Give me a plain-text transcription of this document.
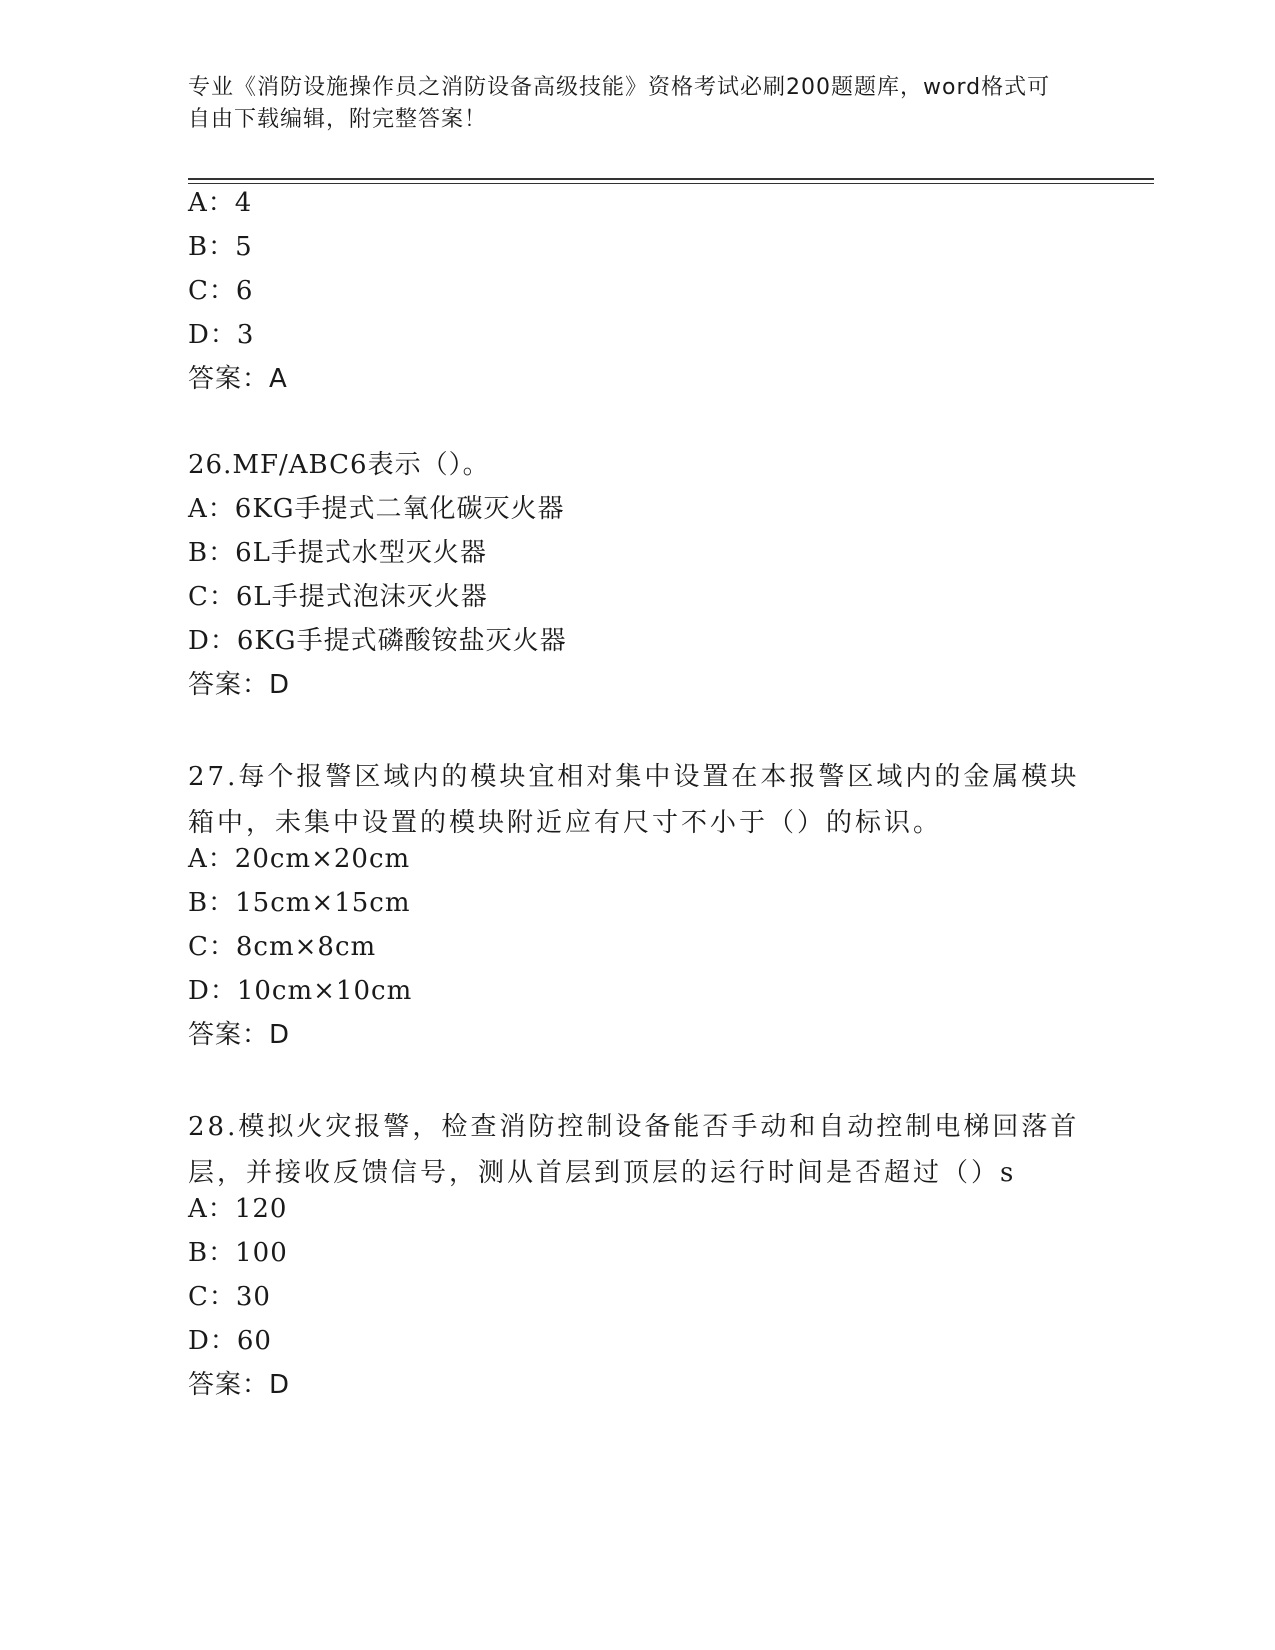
专业《消防设施操作员之消防设备高级技能》资格考试必刷200题题库，word格式可自由下载编辑，附完整答案！
A：4
B：5
C：6
D：3
答案：A
26.MF/ABC6表示（）。
A：6KG手提式二氧化碳灭火器
B：6L手提式水型灭火器
C：6L手提式泡沫灭火器
D：6KG手提式磷酸铵盐灭火器
答案：D
27.每个报警区域内的模块宜相对集中设置在本报警区域内的金属模块箱中，未集中设置的模块附近应有尺寸不小于（）的标识。
A：20cm×20cm
B：15cm×15cm
C：8cm×8cm
D：10cm×10cm
答案：D
28.模拟火灾报警，检查消防控制设备能否手动和自动控制电梯回落首层，并接收反馈信号，测从首层到顶层的运行时间是否超过（）s
A：120
B：100
C：30
D：60
答案：D
